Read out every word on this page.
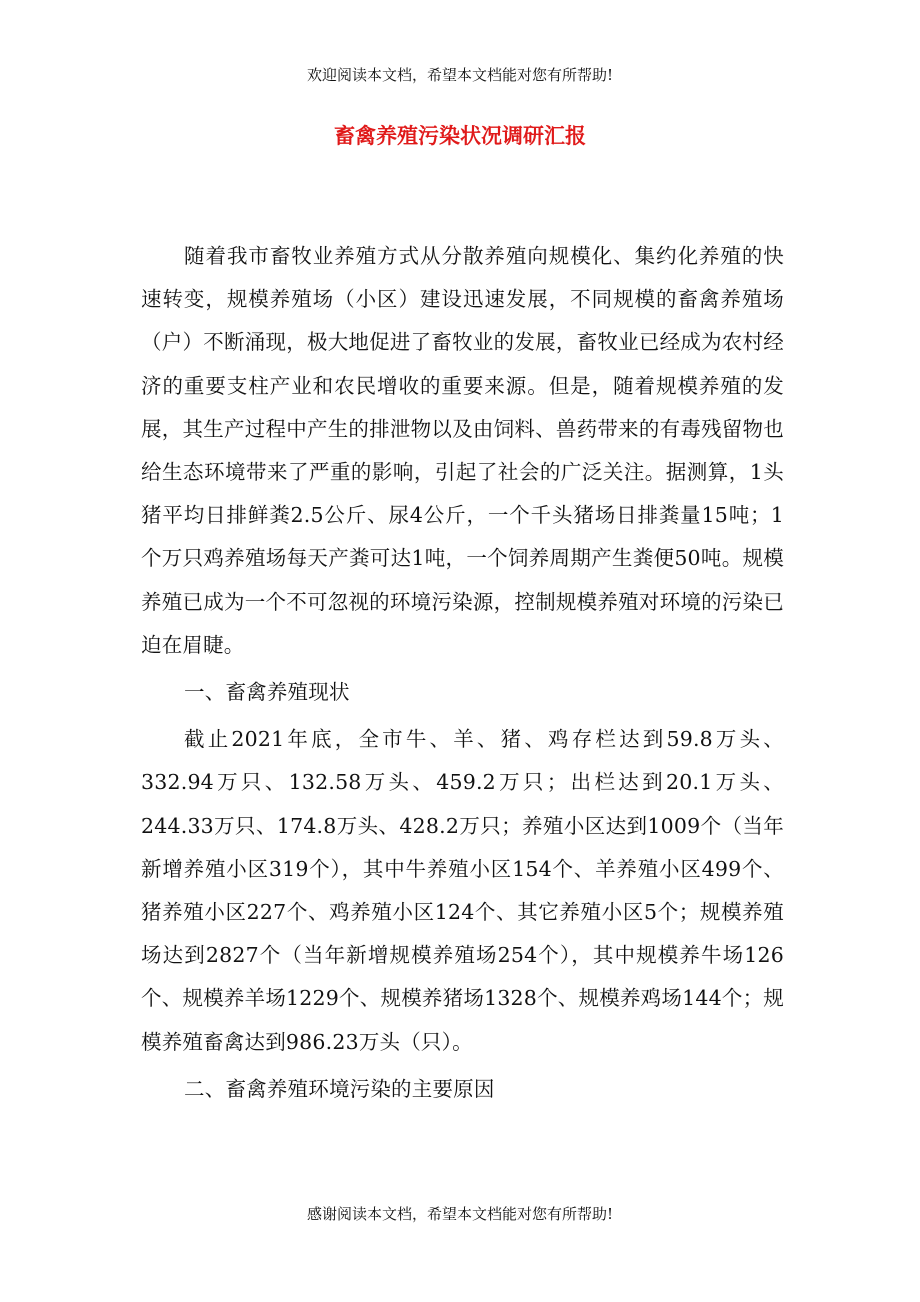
欢迎阅读本文档，希望本文档能对您有所帮助!
畜禽养殖污染状况调研汇报

随着我市畜牧业养殖方式从分散养殖向规模化、集约化养殖的快速转变，规模养殖场（小区）建设迅速发展，不同规模的畜禽养殖场（户）不断涌现，极大地促进了畜牧业的发展，畜牧业已经成为农村经济的重要支柱产业和农民增收的重要来源。但是，随着规模养殖的发展，其生产过程中产生的排泄物以及由饲料、兽药带来的有毒残留物也给生态环境带来了严重的影响，引起了社会的广泛关注。据测算，1头猪平均日排鲜粪2.5公斤、尿4公斤，一个千头猪场日排粪量15吨；1个万只鸡养殖场每天产粪可达1吨，一个饲养周期产生粪便50吨。规模养殖已成为一个不可忽视的环境污染源，控制规模养殖对环境的污染已迫在眉睫。

一、畜禽养殖现状

截止2021年底，全市牛、羊、猪、鸡存栏达到59.8万头、332.94万只、132.58万头、459.2万只；出栏达到20.1万头、244.33万只、174.8万头、428.2万只；养殖小区达到1009个（当年新增养殖小区319个），其中牛养殖小区154个、羊养殖小区499个、猪养殖小区227个、鸡养殖小区124个、其它养殖小区5个；规模养殖场达到2827个（当年新增规模养殖场254个），其中规模养牛场126个、规模养羊场1229个、规模养猪场1328个、规模养鸡场144个；规模养殖畜禽达到986.23万头（只）。

二、畜禽养殖环境污染的主要原因

感谢阅读本文档，希望本文档能对您有所帮助!
